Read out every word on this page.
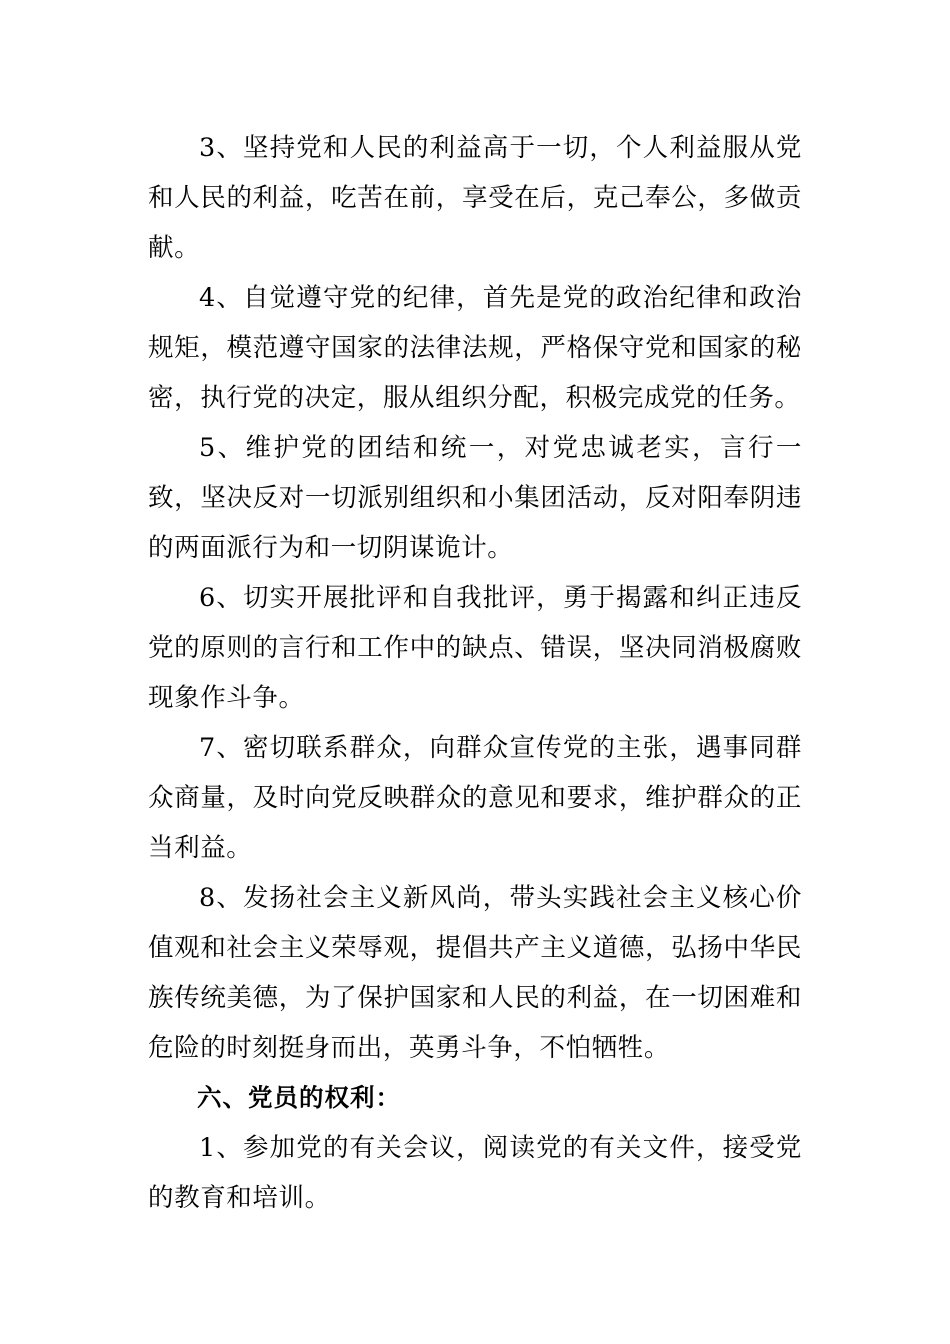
3、坚持党和人民的利益高于一切，个人利益服从党和人民的利益，吃苦在前，享受在后，克己奉公，多做贡献。

4、自觉遵守党的纪律，首先是党的政治纪律和政治规矩，模范遵守国家的法律法规，严格保守党和国家的秘密，执行党的决定，服从组织分配，积极完成党的任务。

5、维护党的团结和统一，对党忠诚老实，言行一致，坚决反对一切派别组织和小集团活动，反对阳奉阴违的两面派行为和一切阴谋诡计。

6、切实开展批评和自我批评，勇于揭露和纠正违反党的原则的言行和工作中的缺点、错误，坚决同消极腐败现象作斗争。

7、密切联系群众，向群众宣传党的主张，遇事同群众商量，及时向党反映群众的意见和要求，维护群众的正当利益。

8、发扬社会主义新风尚，带头实践社会主义核心价值观和社会主义荣辱观，提倡共产主义道德，弘扬中华民族传统美德，为了保护国家和人民的利益，在一切困难和危险的时刻挺身而出，英勇斗争，不怕牺牲。

六、党员的权利：

1、参加党的有关会议，阅读党的有关文件，接受党的教育和培训。
